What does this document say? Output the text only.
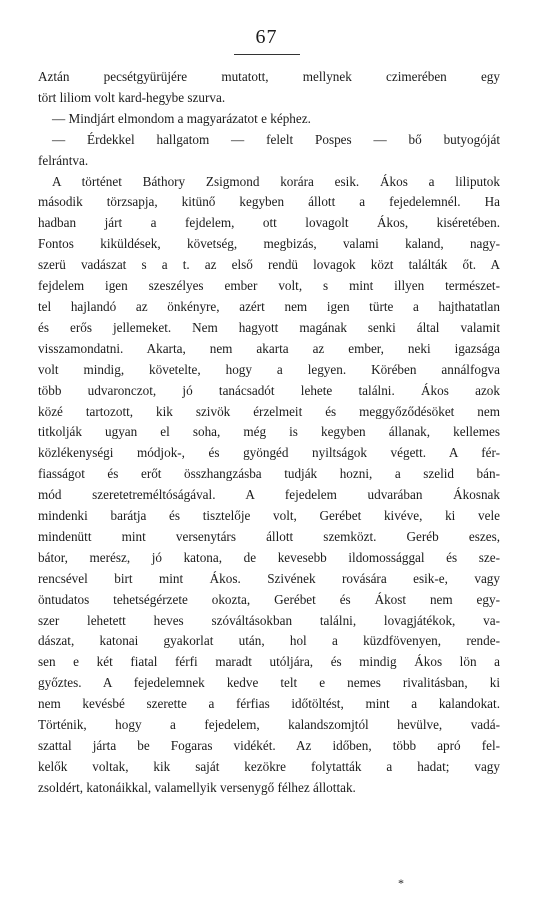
67
Aztán pecsétgyürüjére mutatott, mellynek czimerében egy
tört liliom volt kard-hegybe szurva.
— Mindjárt elmondom a magyarázatot e képhez.
— Érdekkel hallgatom — felelt Pospes — bő butyogóját
felrántva.
A történet Báthory Zsigmond korára esik. Ákos a liliputok
második törzsapja, kitünő kegyben állott a fejedelemnél. Ha
hadban járt a fejdelem, ott lovagolt Ákos, kiséretében.
Fontos kiküldések, követség, megbizás, valami kaland, nagy-
szerü vadászat s a t. az első rendü lovagok közt találták őt. A
fejdelem igen szeszélyes ember volt, s mint illyen természet-
tel hajlandó az önkényre, azért nem igen türte a hajthatatlan
és erős jellemeket. Nem hagyott magának senki által valamit
visszamondatni. Akarta, nem akarta az ember, neki igazsága
volt mindig, követelte, hogy a legyen. Körében annálfogva
több udvaronczot, jó tanácsadót lehete találni. Ákos azok
közé tartozott, kik szivök érzelmeit és meggyőződésöket nem
titkolják ugyan el soha, még is kegyben állanak, kellemes
közlékenységi módjok-, és gyöngéd nyiltságok végett. A fér-
fiasságot és erőt összhangzásba tudják hozni, a szelid bán-
mód szeretetreméltóságával. A fejedelem udvarában Ákosnak
mindenki barátja és tisztelője volt, Gerébet kivéve, ki vele
mindenütt mint versenytárs állott szemközt. Geréb eszes,
bátor, merész, jó katona, de kevesebb ildomossággal és sze-
rencsével birt mint Ákos. Szivének rovására esik-e, vagy
öntudatos tehetségérzete okozta, Gerébet és Ákost nem egy-
szer lehetett heves szóváltásokban találni, lovagjátékok, va-
dászat, katonai gyakorlat után, hol a küzdfövenyen, rende-
sen e két fiatal férfi maradt utóljára, és mindig Ákos lön a
győztes. A fejedelemnek kedve telt e nemes rivalitásban, ki
nem kevésbé szerette a férfias időtöltést, mint a kalandokat.
Történik, hogy a fejedelem, kalandszomjtól hevülve, vadá-
szattal járta be Fogaras vidékét. Az időben, több apró fel-
kelők voltak, kik saját kezökre folytatták a hadat; vagy
zsoldért, katonáikkal, valamellyik versenygő félhez állottak.
*
